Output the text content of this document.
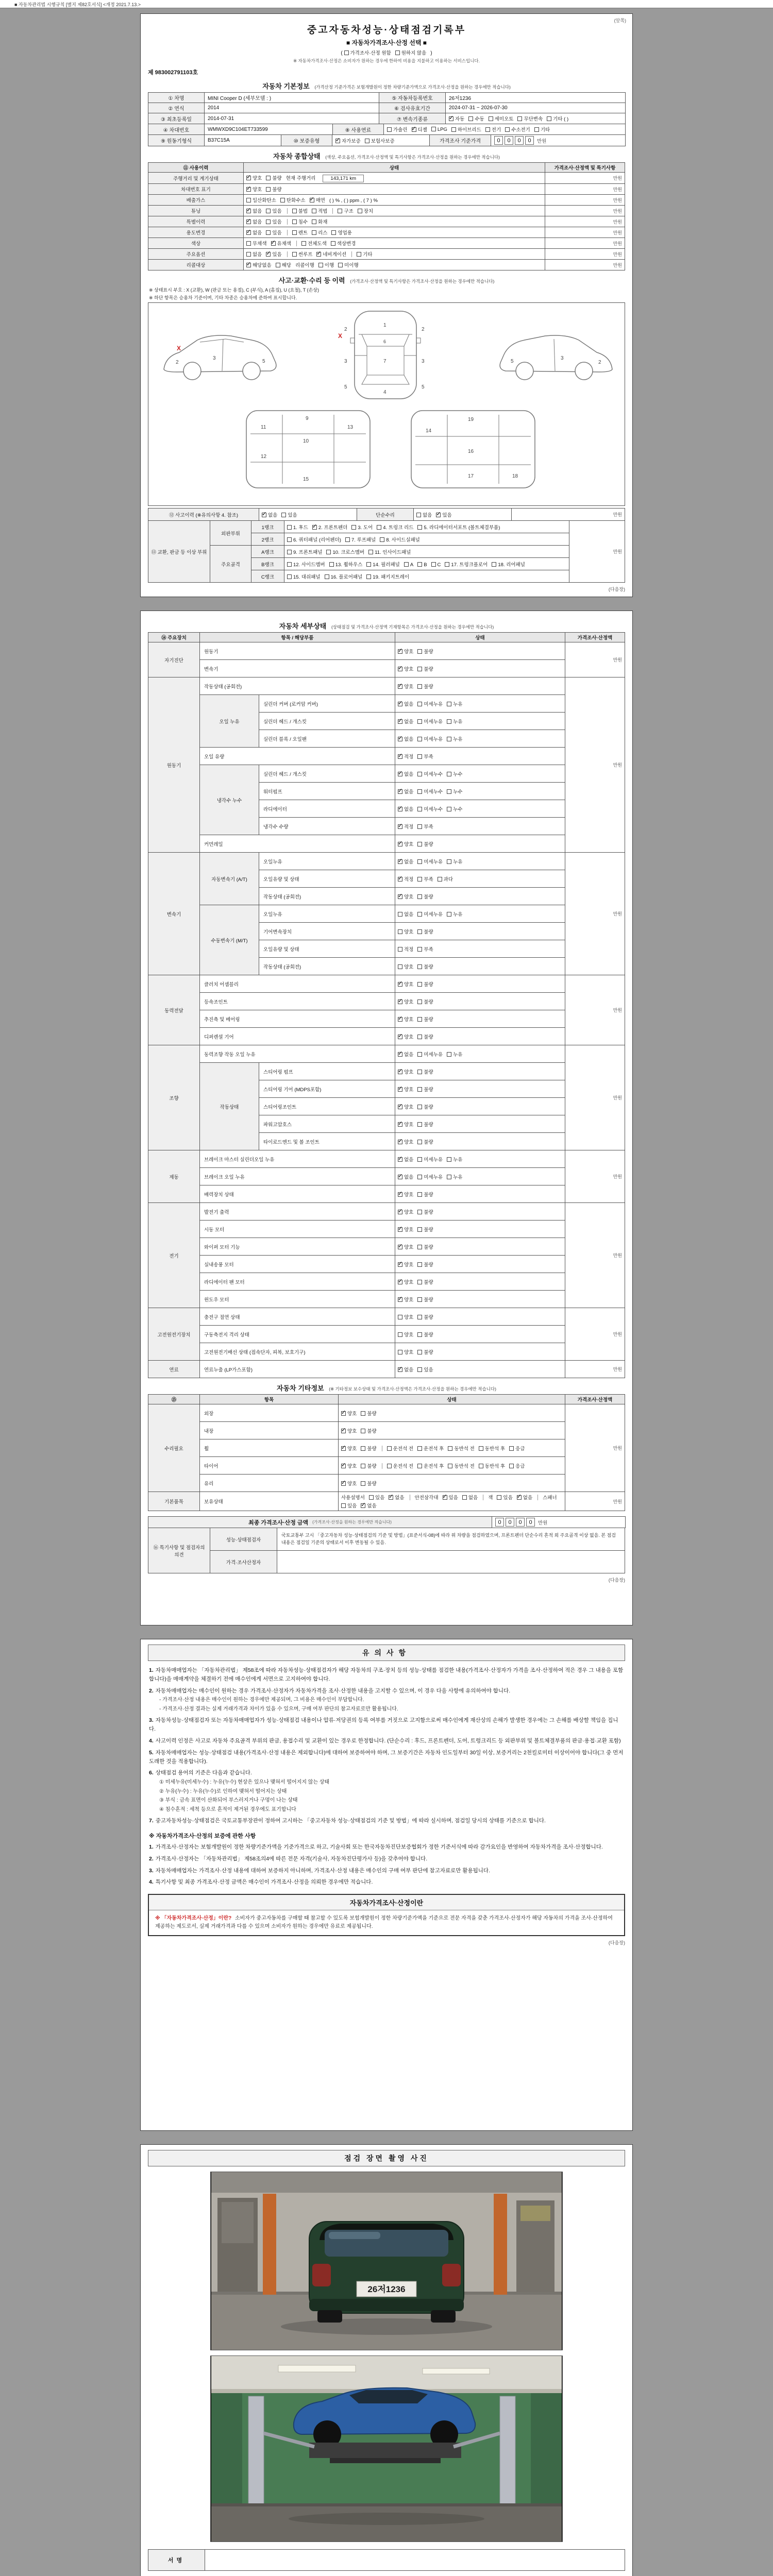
■ 자동차관리법 시행규칙 [별지 제82호서식] <개정 2021.7.13.>
(앞쪽)
중고자동차성능·상태점검기록부
■ 자동차가격조사·산정 선택 ■
( 가격조사·산정 원함 원하지 않음 )
※ 자동차가격조사·산정은 소비자가 원하는 경우에 한하여 비용을 지불하고 이용하는 서비스입니다.
제 983002791103호
자동차 기본정보 (가격산정 기준가격은 보험개발원이 정한 차량기준가액으로 가격조사·산정을 원하는 경우에만 적습니다)
① 차명	MINI Cooper D (세부모델 : )	⑤ 자동차등록번호	26저1236
② 연식	2014	⑥ 검사유효기간	2024-07-31 ~ 2026-07-30
③ 최초등록일	2014-07-31	⑦ 변속기종류 ✓	자동	수동	세미오토	무단변속	기타 ( )
④ 차대번호	WMWXD9C104ET733599	⑧ 사용연료	가솔린 ✓	디젤	LPG	하이브리드	전기	수소전기	기타
⑨ 원동기형식	B37C15A	⑩ 보증유형 ✓	자가보증	보험사보증	가격조사 기준가격	0	0	0	0	만원
자동차 종합상태 (색상, 주요옵션, 가격조사·산정액 및 특기사항은 가격조사·산정을 원하는 경우에만 적습니다)
⑪ 사용이력	상태	가격조사·산정액 및 특기사항
주행거리 및 계기상태	✓양호 불량 현재 주행거리 143,171 km	만원
차대번호 표기	✓양호 불량	만원
배출가스	일산화탄소 탄화수소 ✓ 매연 ( ) % , ( ) ppm , ( 7 ) %	만원
튜닝	✓없음 있음 불법 적법 구조 장치	만원
특별이력	✓없음 있음 침수 화재	만원
용도변경	✓없음 있음 렌트 리스 영업용	만원
색상	무채색 ✓ 유채색 전체도색 색상변경	만원
주요옵션	없음 ✓ 있음 썬루프 ✓ 네비게이션 기타	만원
리콜대상	✓해당없음 해당 리콜이행 이행 미이행	만원
사고·교환·수리 등 이력 (가격조사·산정액 및 특기사항은 가격조사·산정을 원하는 경우에만 적습니다)
※ 상태표시 부호 : X (교환), W (판금 또는 용접), C (부식), A (흠집), U (요철), T (손상)
※ 하단 항목은 승용차 기준이며, 기타 차종은 승용차에 준하여 표시합니다.
2
3
5
X
1
7
4
2	2
3	3
5	5
6
X
2
3
5
9
10
11
12
13
15
19
14
16
17	18
⑫ 사고이력 (※유의사항 4. 참조)	✓없음 있음	단순수리	없음 ✓ 있음	만원
⑬ 교환, 판금 등 이상 부위	외판부위	1랭크	1. 후드 ✓ 2. 프론트펜더 3. 도어 4. 트렁크 리드 5. 라디에이터서포트 (볼트체결부품)	만원
		2랭크	6. 쿼터패널 (리어펜더) 7. 루프패널 8. 사이드실패널	
	주요골격	A랭크	9. 프론트패널 10. 크로스멤버 11. 인사이드패널	
		B랭크	12. 사이드멤버 13. 휠하우스 14. 필러패널 A B C 17. 트렁크플로어 18. 리어패널	
		C랭크	15. 대쉬패널 16. 플로어패널 19. 패키지트레이	
(다음장)
자동차 세부상태 (상태점검 및 가격조사·산정액 기재항목은 가격조사·산정을 원하는 경우에만 적습니다)
⑭ 주요장치	항목 / 해당부품		상태	가격조사·산정액
자기진단	원동기	✓양호 불량	만원
	변속기	✓양호 불량
원동기	작동상태 (공회전)	✓양호 불량	만원
	오일 누유	실린더 커버 (로커암 커버)	✓없음 미세누유 누유
		실린더 헤드 / 개스킷	✓없음 미세누유 누유
		실린더 블록 / 오일팬	✓없음 미세누유 누유
	오일 유량	✓적정 부족
	냉각수 누수	실린더 헤드 / 개스킷	✓없음 미세누수 누수
		워터펌프	✓없음 미세누수 누수
		라디에이터	✓없음 미세누수 누수
		냉각수 수량	✓적정 부족
	커먼레일	✓양호 불량
변속기	자동변속기 (A/T)	오일누유	✓없음 미세누유 누유	만원
		오일유량 및 상태	✓적정 부족 과다
		작동상태 (공회전)	✓양호 불량
	수동변속기 (M/T)	오일누유	없음 미세누유 누유	
		기어변속장치	양호 불량	
		오일유량 및 상태	적정 부족	
		작동상태 (공회전)	양호 불량	
동력전달	클러치 어셈블리	✓양호 불량	만원
	등속조인트	✓양호 불량
	추진축 및 베어링	✓양호 불량
	디퍼렌셜 기어	✓양호 불량
조향	동력조향 작동 오일 누유	✓없음 미세누유 누유	만원
	작동상태	스티어링 펌프	✓양호 불량
		스티어링 기어 (MDPS포함)	✓양호 불량
		스티어링조인트	✓양호 불량
		파워고압호스	✓양호 불량
		타이로드엔드 및 볼 조인트	✓양호 불량
제동	브레이크 마스터 실린더오일 누유	✓없음 미세누유 누유	만원
	브레이크 오일 누유	✓없음 미세누유 누유
	배력장치 상태	✓양호 불량
전기	발전기 출력	✓양호 불량	만원
	시동 모터	✓양호 불량
	와이퍼 모터 기능	✓양호 불량
	실내송풍 모터	✓양호 불량
	라디에이터 팬 모터	✓양호 불량
	윈도우 모터	✓양호 불량
고전원전기장치	충전구 절연 상태		양호 불량	만원
	구동축전지 격리 상태		양호 불량	
	고전원전기배선 상태 (접속단자, 피복, 보호기구)		양호 불량	
연료	연료누출 (LP가스포함)	✓없음 있음	만원
자동차 기타정보 (※ 기타정보 보수상태 및 가격조사·산정액은 가격조사·산정을 원하는 경우에만 적습니다)
⑮	항목	상태	가격조사·산정액
수리필요	외장	✓양호 불량	만원
	내장	✓양호 불량
	휠	✓양호 불량 운전석 전 운전석 후 동반석 전 동반석 후 응급
	타이어	✓양호 불량 운전석 전 운전석 후 동반석 전 동반석 후 응급
	유리	✓양호 불량
기본품목	보유상태	사용설명서 있음 ✓ 없음 안전삼각대 ✓ 있음 없음 잭 있음 ✓ 없음 스패너있음 ✓ 없음	만원
최종 가격조사·산정 금액 (가격조사·산정을 원하는 경우에만 적습니다)	0	0	0	0	만원
⑯ 특기사항 및 점검자의 의견	성능·상태점검자	국토교통부 고시 「중고자동차 성능·상태점검의 기준 및 방법」(표준서식-08)에 따라 위 차량을 점검하였으며, 프론트펜더 단순수리 흔적 외 주요골격 이상 없음. 본 점검 내용은 점검일 기준의 상태로서 이후 변동될 수 있음.
	가격·조사산정자	
(다음장)
유의사항
1. 자동차매매업자는 「자동차관리법」 제58조에 따라 자동차성능·상태점검자가 해당 자동차의 구조·장치 등의 성능·상태를 점검한 내용(가격조사·산정자가 가격을 조사·산정하여 적은 경우 그 내용을 포함합니다)을 매매계약을 체결하기 전에 매수인에게 서면으로 고지하여야 합니다.
2. 자동차매매업자는 매수인이 원하는 경우 가격조사·산정자가 자동차가격을 조사·산정한 내용을 고지할 수 있으며, 이 경우 다음 사항에 유의하여야 합니다.
- 가격조사·산정 내용은 매수인이 원하는 경우에만 제공되며, 그 비용은 매수인이 부담합니다.
- 가격조사·산정 결과는 실제 거래가격과 차이가 있을 수 있으며, 구매 여부 판단의 참고자료로만 활용됩니다.
3. 자동차성능·상태점검자 또는 자동차매매업자가 성능·상태점검 내용이나 압류·저당권의 등록 여부를 거짓으로 고지함으로써 매수인에게 재산상의 손해가 발생한 경우에는 그 손해를 배상할 책임을 집니다.
4. 사고이력 인정은 사고로 자동차 주요골격 부위의 판금, 용접수리 및 교환이 있는 경우로 한정합니다. (단순수리 : 후드, 프론트펜더, 도어, 트렁크리드 등 외판부위 및 볼트체결부품의 판금·용접·교환 포함)
5. 자동차매매업자는 성능·상태점검 내용(가격조사·산정 내용은 제외합니다)에 대하여 보증하여야 하며, 그 보증기간은 자동차 인도일부터 30일 이상, 보증거리는 2천킬로미터 이상이어야 합니다(그 중 먼저 도래한 것을 적용합니다).
6. 상태점검 용어의 기준은 다음과 같습니다.
① 미세누유(미세누수) : 누유(누수) 현상은 있으나 맺혀서 떨어지지 않는 상태
② 누유(누수) : 누유(누수)로 인하여 맺혀서 떨어지는 상태
③ 부식 : 금속 표면이 산화되어 부스러지거나 구멍이 나는 상태
④ 침수흔적 : 세척 등으로 흔적이 제거된 경우에도 표기합니다
7. 중고자동차성능·상태점검은 국토교통부장관이 정하여 고시하는 「중고자동차 성능·상태점검의 기준 및 방법」에 따라 실시하며, 점검일 당시의 상태를 기준으로 합니다.
※ 자동차가격조사·산정의 보증에 관한 사항
1. 가격조사·산정자는 보험개발원이 정한 차량기준가액을 기준가격으로 하고, 기술사회 또는 한국자동차진단보증협회가 정한 기준서식에 따라 감가요인을 반영하여 자동차가격을 조사·산정합니다.
2. 가격조사·산정자는 「자동차관리법」 제58조의4에 따른 전문 자격(기술사, 자동차진단평가사 등)을 갖추어야 합니다.
3. 자동차매매업자는 가격조사·산정 내용에 대하여 보증하지 아니하며, 가격조사·산정 내용은 매수인의 구매 여부 판단에 참고자료로만 활용됩니다.
4. 특기사항 및 최종 가격조사·산정 금액은 매수인이 가격조사·산정을 의뢰한 경우에만 적습니다.
자동차가격조사·산정이란
※ 「자동차가격조사·산정」이란? 소비자가 중고자동차를 구매할 때 참고할 수 있도록 보험개발원이 정한 차량기준가액을 기준으로 전문 자격을 갖춘 가격조사·산정자가 해당 자동차의 가격을 조사·산정하여 제공하는 제도로서, 실제 거래가격과 다를 수 있으며 소비자가 원하는 경우에만 유료로 제공됩니다.
(다음장)
점검 장면 촬영 사진
26저1236
서명
